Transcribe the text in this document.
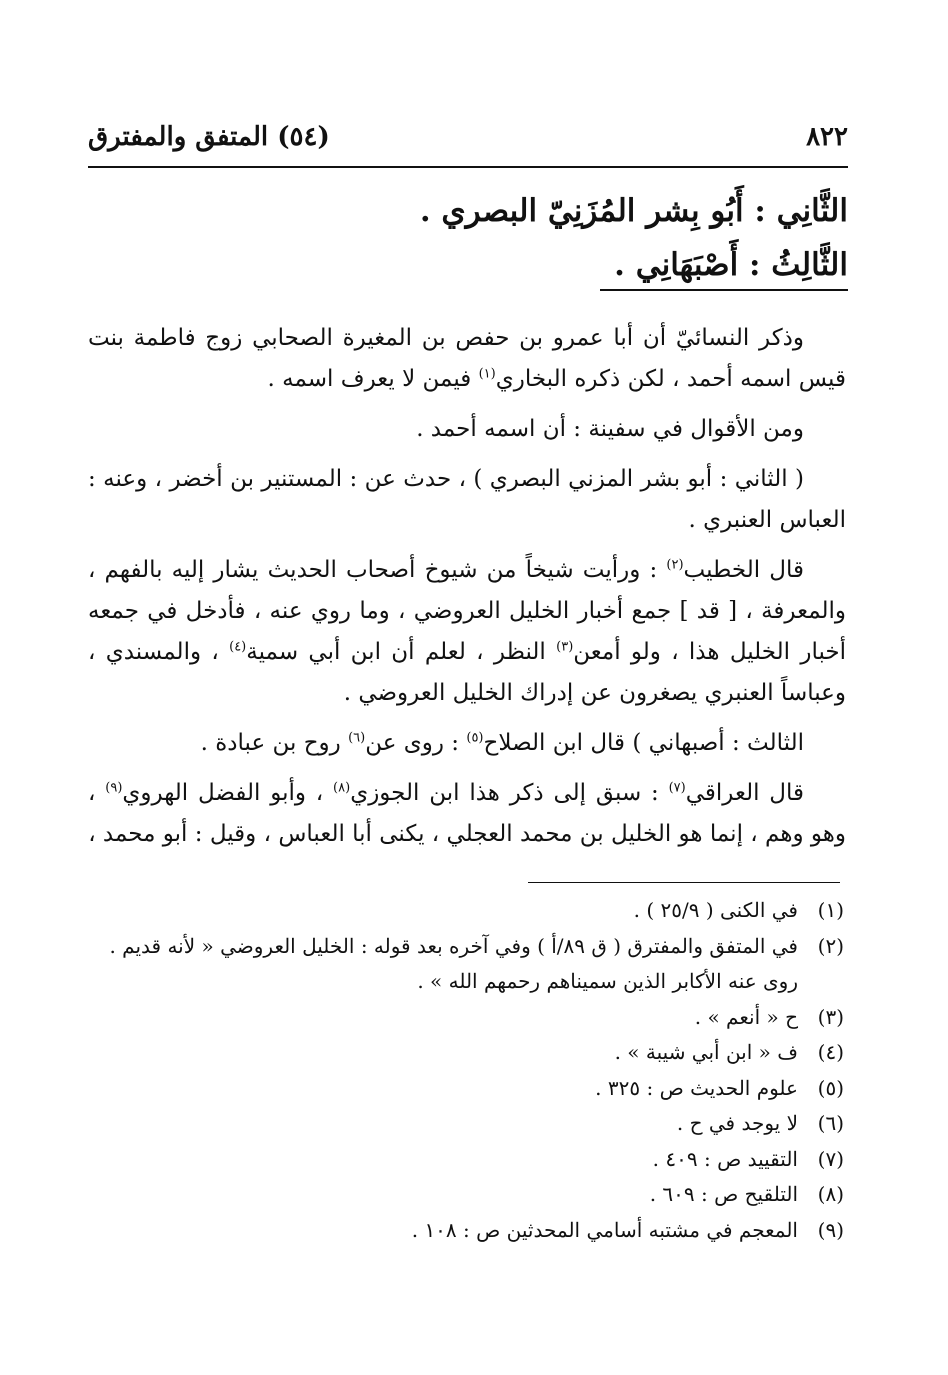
٨٢٢
(٥٤) المتفق والمفترق
الثَّانِي : أَبُو بِشر المُزَنِيّ البصري .
الثَّالِثُ : أَصْبَهَانِي .

وذكر النسائيّ أن أبا عمرو بن حفص بن المغيرة الصحابي زوج فاطمة بنت قيس اسمه أحمد ، لكن ذكره البخاري$^{(١)}$ فيمن لا يعرف اسمه .

ومن الأقوال في سفينة : أن اسمه أحمد .

( الثاني : أبو بشر المزني البصري ) ، حدث عن : المستنير بن أخضر ، وعنه : العباس العنبري .

قال الخطيب$^{(٢)}$ : ورأيت شيخاً من شيوخ أصحاب الحديث يشار إليه بالفهم ، والمعرفة ، [ قد ] جمع أخبار الخليل العروضي ، وما روي عنه ، فأدخل في جمعه أخبار الخليل هذا ، ولو أمعن$^{(٣)}$ النظر ، لعلم أن ابن أبي سمية$^{(٤)}$ ، والمسندي ، وعباساً العنبري يصغرون عن إدراك الخليل العروضي .

الثالث : أصبهاني ) قال ابن الصلاح$^{(٥)}$ : روى عن$^{(٦)}$ روح بن عبادة .

قال العراقي$^{(٧)}$ : سبق إلى ذكر هذا ابن الجوزي$^{(٨)}$ ، وأبو الفضل الهروي$^{(٩)}$ ، وهو وهم ، إنما هو الخليل بن محمد العجلي ، يكنى أبا العباس ، وقيل : أبو محمد ،

(١)في الكنى ( ٢٥/٩ ) .

(٢)في المتفق والمفترق ( ق ٨٩/أ ) وفي آخره بعد قوله : الخليل العروضي « لأنه قديم . روى عنه الأكابر الذين سميناهم رحمهم الله » .

(٣)ح « أنعم » .

(٤)ف « ابن أبي شيبة » .

(٥)علوم الحديث ص : ٣٢٥ .

(٦)لا يوجد في ح .

(٧)التقييد ص : ٤٠٩ .

(٨)التلقيح ص : ٦٠٩ .

(٩)المعجم في مشتبه أسامي المحدثين ص : ١٠٨ .
